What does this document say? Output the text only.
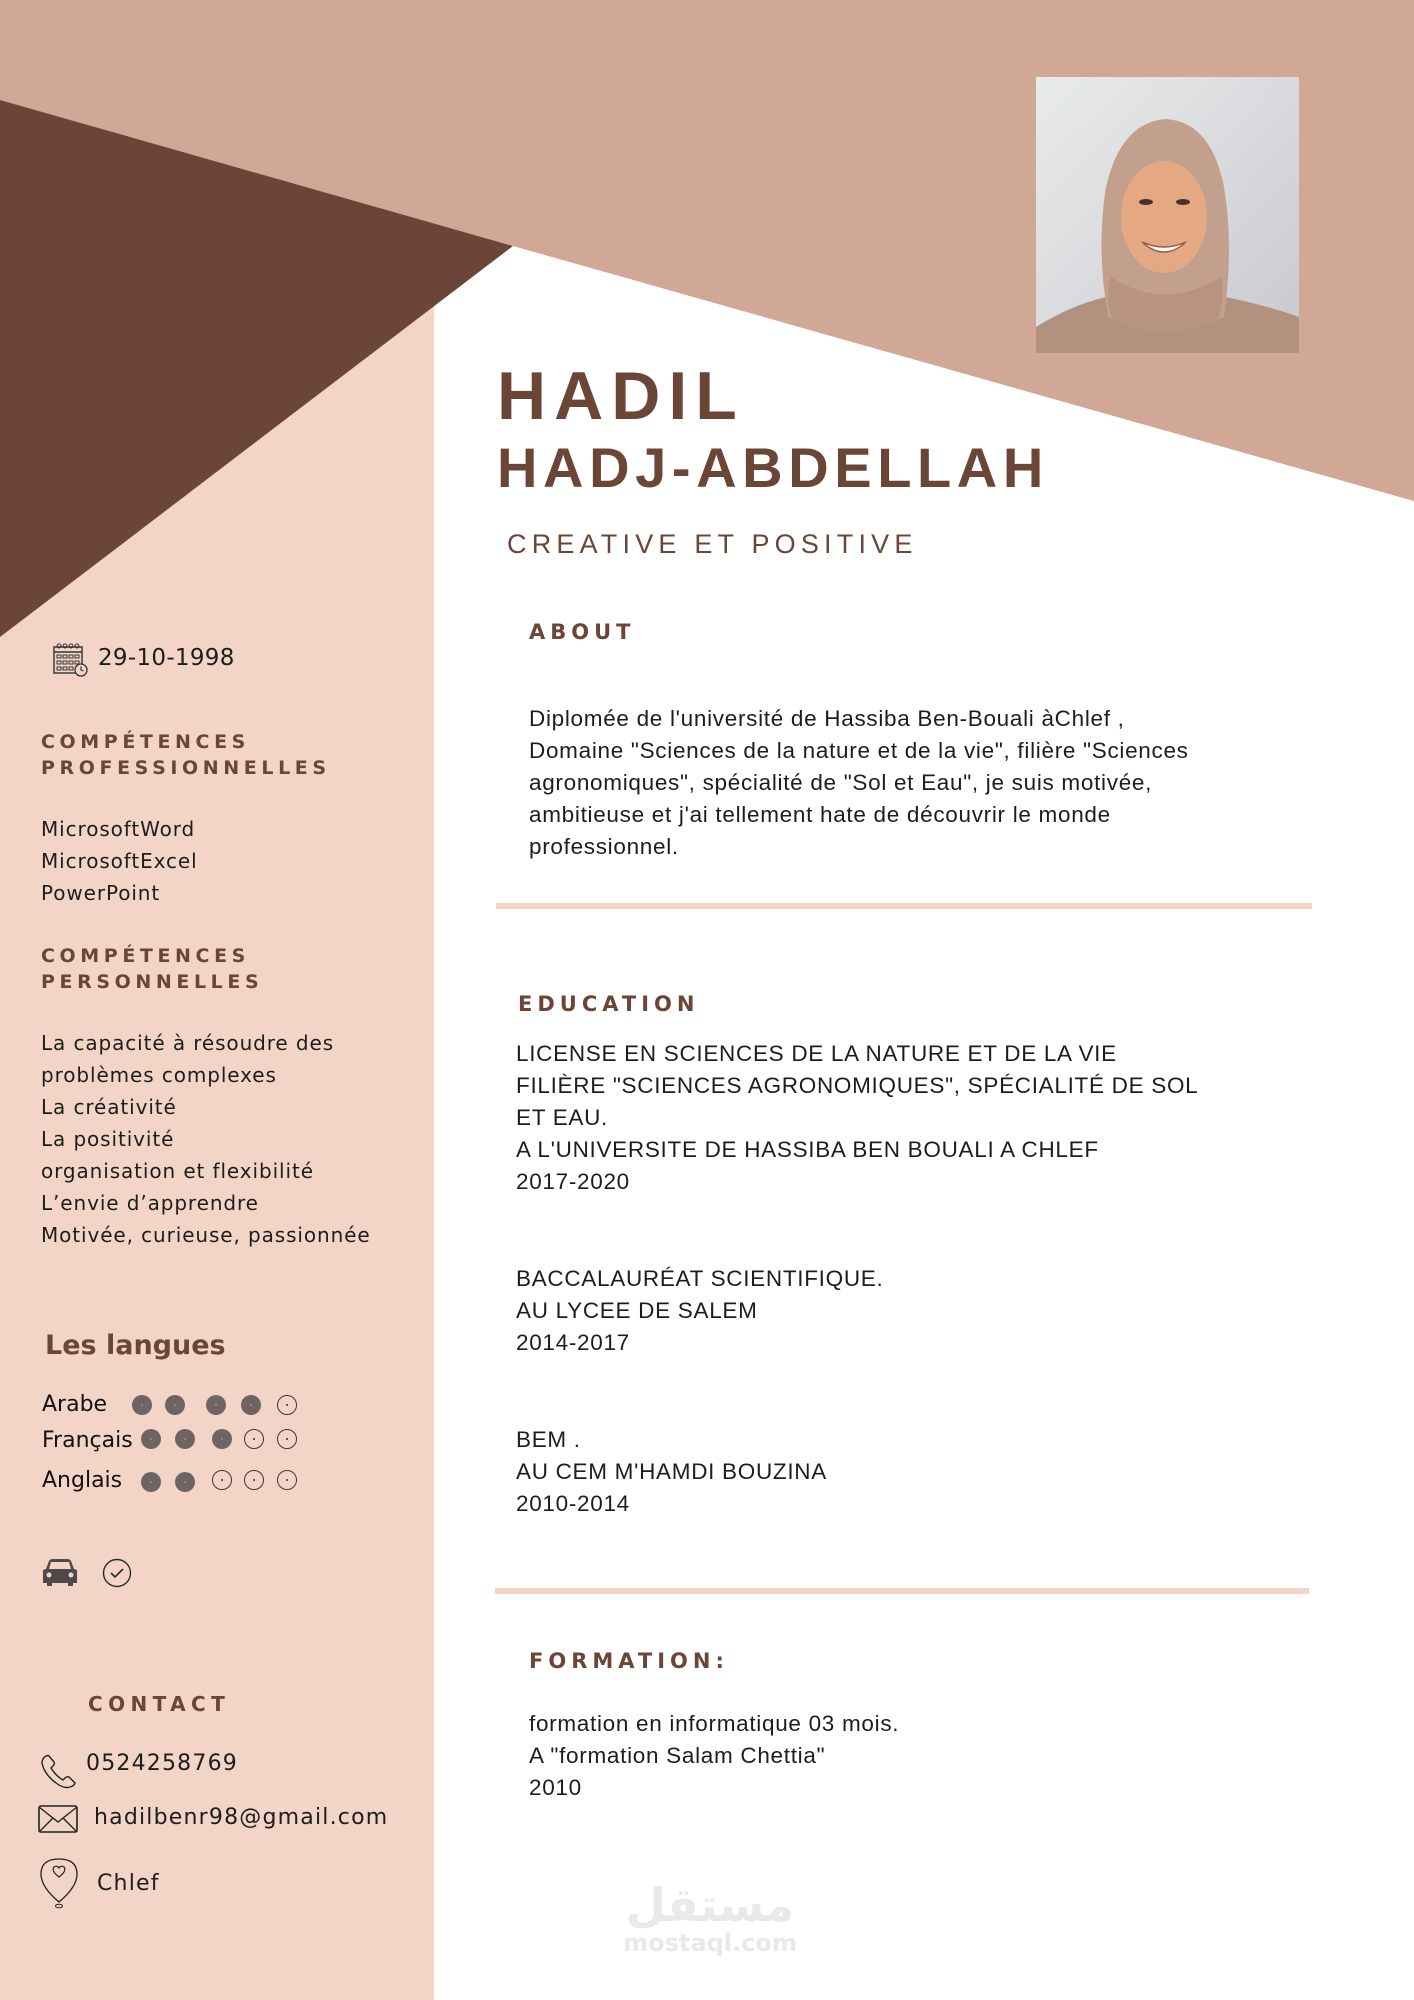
HADIL
HADJ-ABDELLAH
CREATIVE ET POSITIVE
29-10-1998
COMPÉTENCES
PROFESSIONNELLES
MicrosoftWord
MicrosoftExcel
PowerPoint
COMPÉTENCES
PERSONNELLES
La capacité à résoudre des
problèmes complexes
La créativité
La positivité
organisation et flexibilité
L’envie d’apprendre
Motivée, curieuse, passionnée
Les langues
Arabe
Français
Anglais
CONTACT
0524258769
hadilbenr98@gmail.com
Chlef
ABOUT
Diplomée de l'université de Hassiba Ben-Bouali àChlef ,
Domaine "Sciences de la nature et de la vie", filière "Sciences
agronomiques", spécialité de "Sol et Eau", je suis motivée,
ambitieuse et j'ai tellement hate de découvrir le monde
professionnel.
EDUCATION
LICENSE EN SCIENCES DE LA NATURE ET DE LA VIE
FILIÈRE "SCIENCES AGRONOMIQUES", SPÉCIALITÉ DE SOL
ET EAU.
A L'UNIVERSITE DE HASSIBA BEN BOUALI A CHLEF
2017-2020
BACCALAURÉAT SCIENTIFIQUE.
AU LYCEE DE SALEM
2014-2017
BEM .
AU CEM M'HAMDI BOUZINA
2010-2014
FORMATION:
formation en informatique 03 mois.
A "formation Salam Chettia"
2010
مستقل
mostaql.com
